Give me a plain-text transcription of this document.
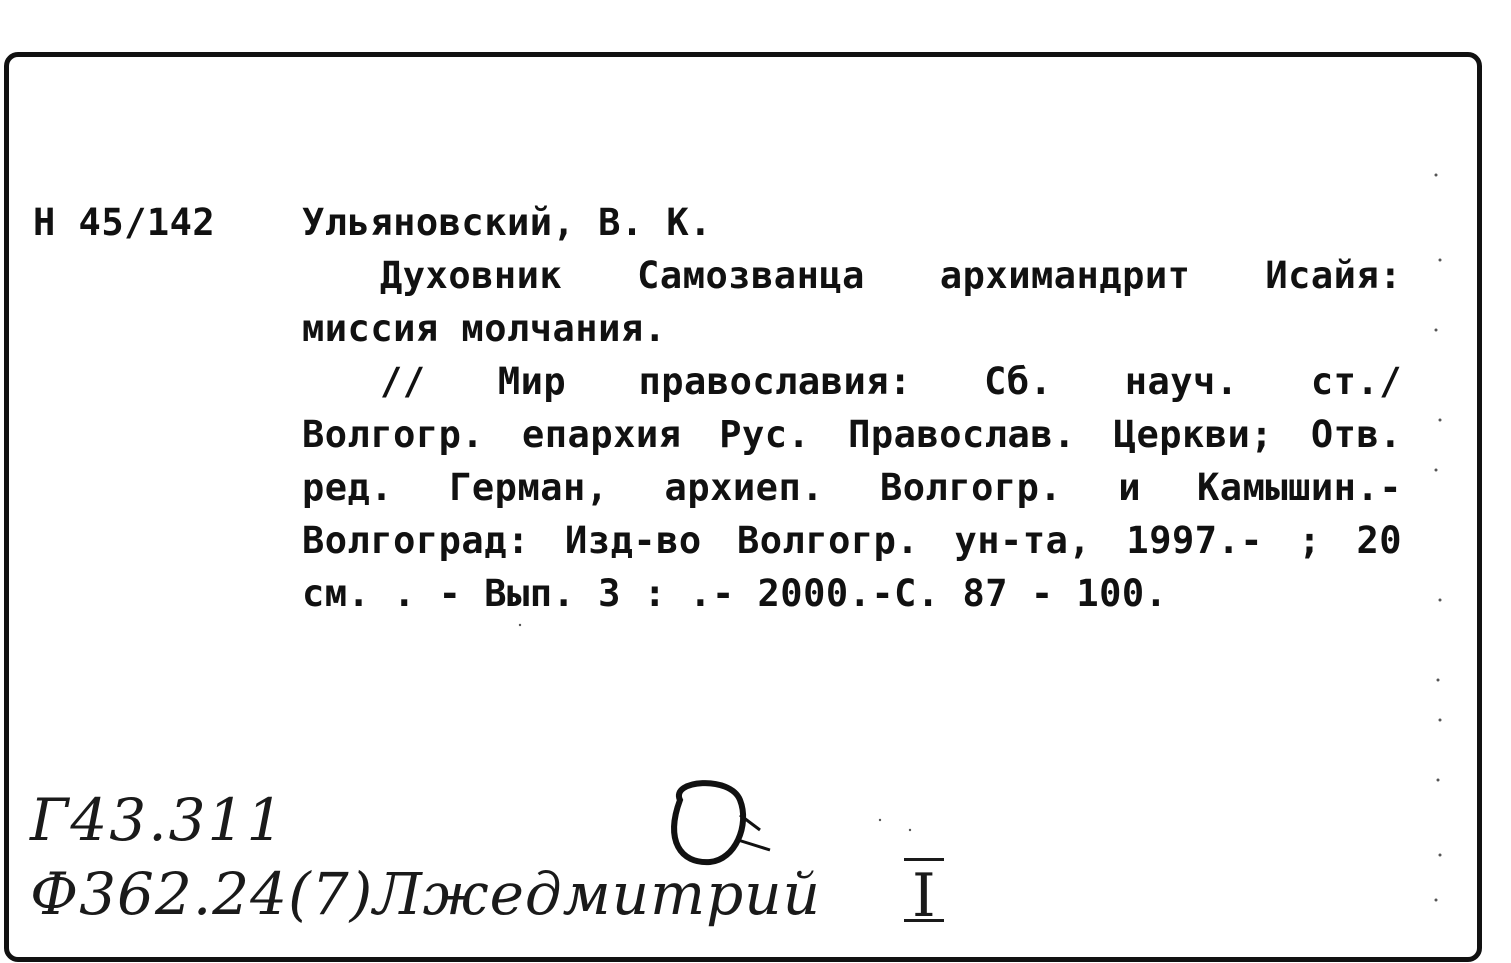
Н 45/142 Ульяновский, В. К.
Духовник Самозванца архимандрит Исайя:
миссия молчания.
// Мир православия: Сб. науч. ст./
Волгогр. епархия Рус. Православ. Церкви; Отв.
ред. Герман, архиеп. Волгогр. и Камышин.-
Волгоград: Изд-во Волгогр. ун-та, 1997.- ; 20
см. . - Вып. 3 : .- 2000.-С. 87 - 100.
Г43.311
Ф362.24(7)Лжедмитрий I
